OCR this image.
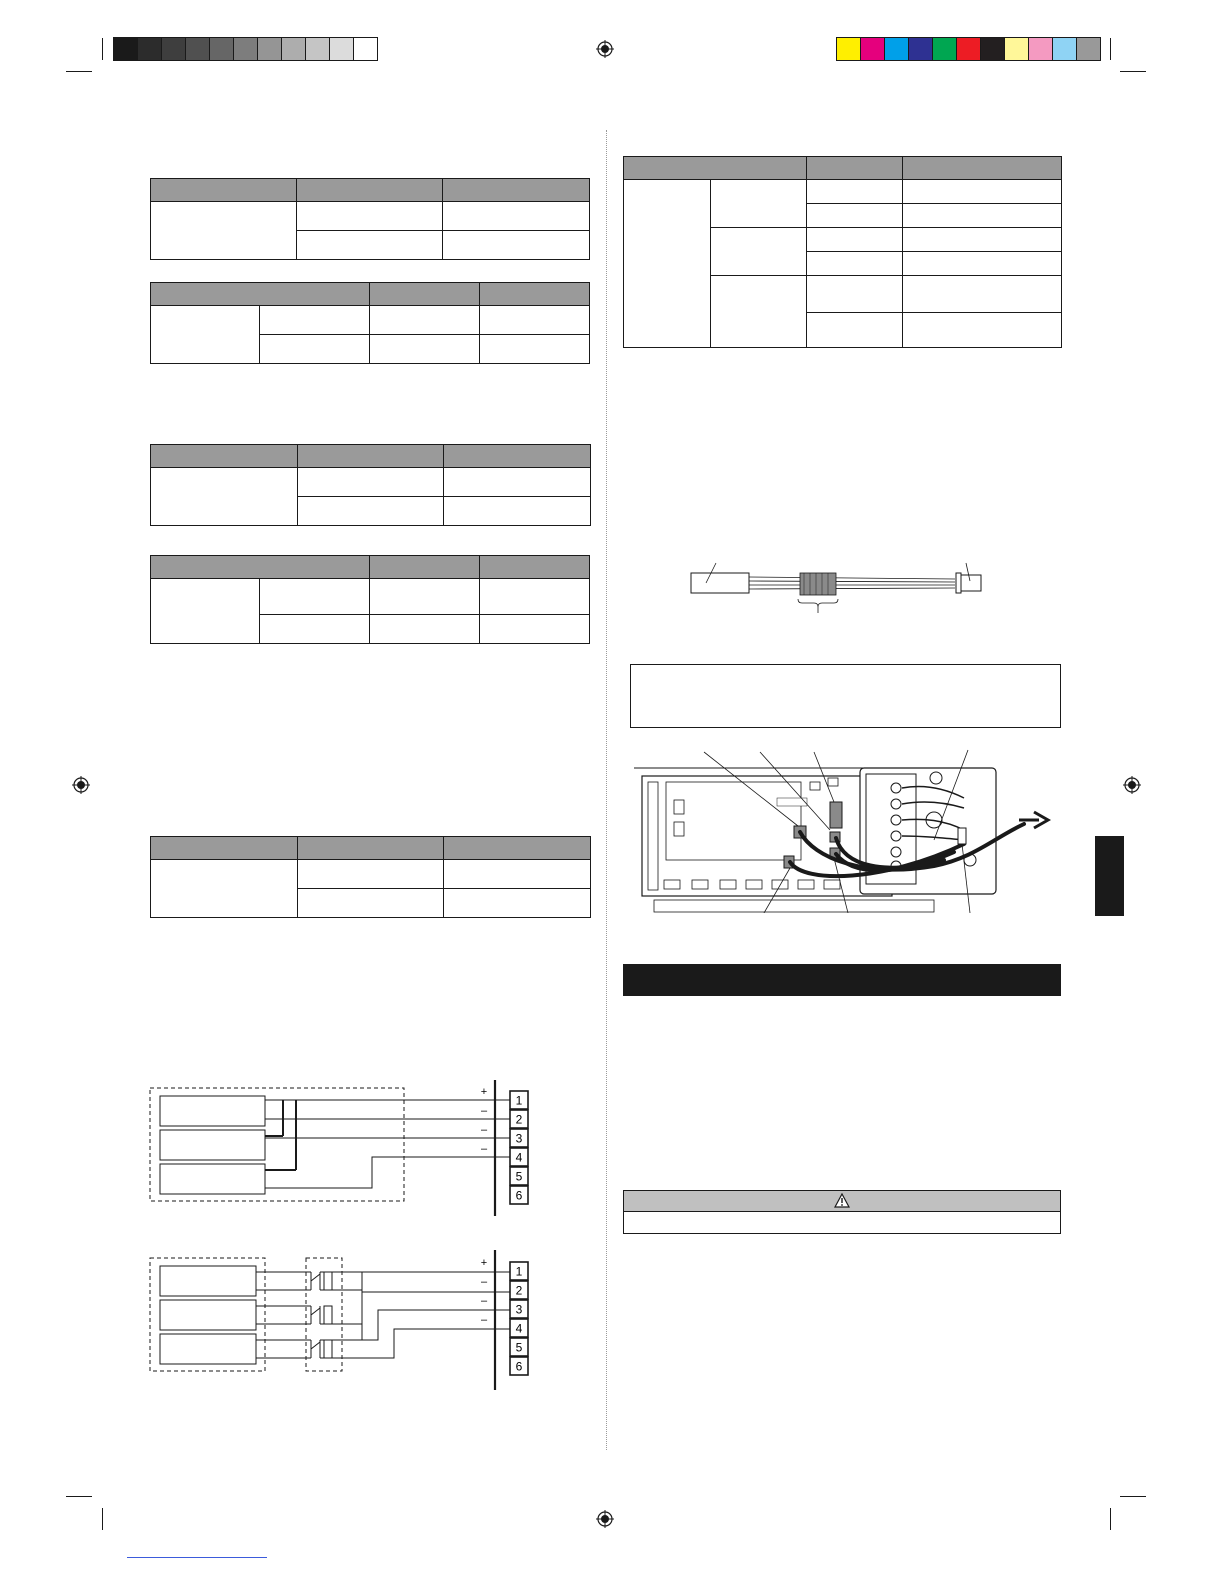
1
2
3
4
5
6
+
–
–
–
1
2
3
4
5
6
+
–
–
–
